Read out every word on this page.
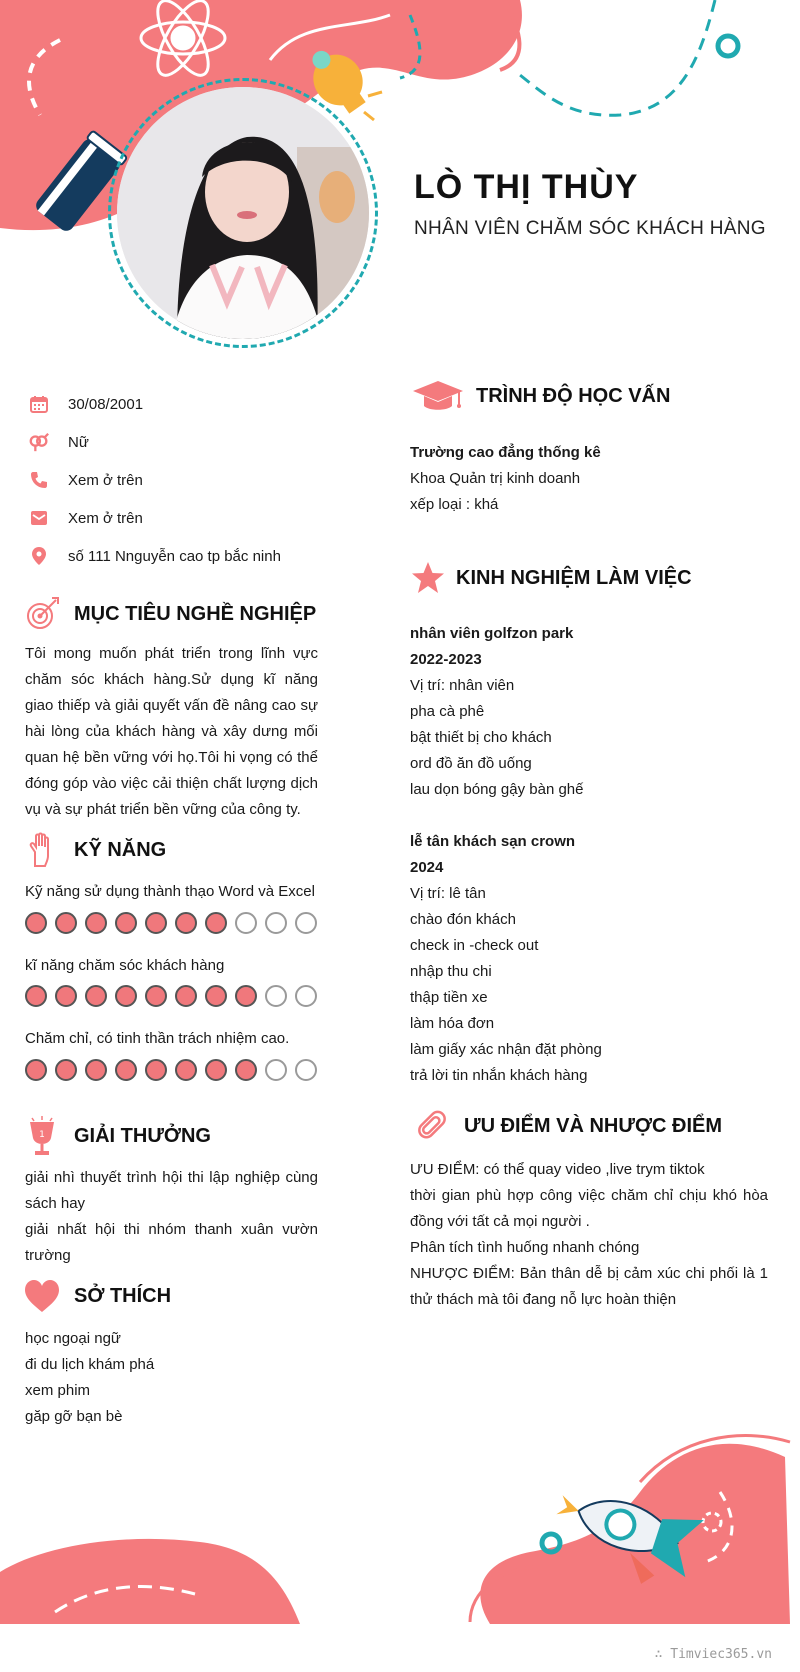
LÒ THỊ THÙY
NHÂN VIÊN CHĂM SÓC KHÁCH HÀNG
30/08/2001
Nữ
Xem ở trên
Xem ở trên
số 111 Nnguyễn cao tp bắc ninh
MỤC TIÊU NGHỀ NGHIỆP
Tôi mong muốn phát triển trong lĩnh vực chăm sóc khách hàng.Sử dụng kĩ năng giao thiếp và giải quyết vấn đề nâng cao sự hài lòng của khách hàng và xây dưng mối quan hệ bền vững với họ.Tôi hi vọng có thể đóng góp vào việc cải thiện chất lượng dịch vụ và sự phát triển bền vững của công ty.
KỸ NĂNG
Kỹ năng sử dụng thành thạo Word và Excel
kĩ năng chăm sóc khách hàng
Chăm chỉ, có tinh thần trách nhiệm cao.
1 GIẢI THƯỞNG
giải nhì thuyết trình hội thi lập nghiệp cùng sách hay
giải nhất hội thi nhóm thanh xuân vườn trường
SỞ THÍCH
học ngoại ngữ
đi du lịch khám phá
xem phim
găp gỡ bạn bè
TRÌNH ĐỘ HỌC VẤN
Trường cao đẳng thống kê
Khoa Quản trị kinh doanh
xếp loại : khá
KINH NGHIỆM LÀM VIỆC
nhân viên golfzon park
2022-2023
Vị trí: nhân viên
pha cà phê
bật thiết bị cho khách
ord đồ ăn đồ uống
lau dọn bóng gậy bàn ghế
lễ tân khách sạn crown
2024
Vị trí: lê tân
chào đón khách
check in -check out
nhập thu chi
thập tiền xe
làm hóa đơn
làm giấy xác nhận đặt phòng
trả lời tin nhắn khách hàng
ƯU ĐIỂM VÀ NHƯỢC ĐIỂM
ƯU ĐIỂM: có thể quay video ,live trym tiktok
thời gian phù hợp công việc chăm chỉ chịu khó hòa đồng với tất cả mọi người .
Phân tích tình huống nhanh chóng
NHƯỢC ĐIỂM: Bản thân dễ bị cảm xúc chi phối là 1 thử thách mà tôi đang nỗ lực hoàn thiện
∴ Timviec365.vn
